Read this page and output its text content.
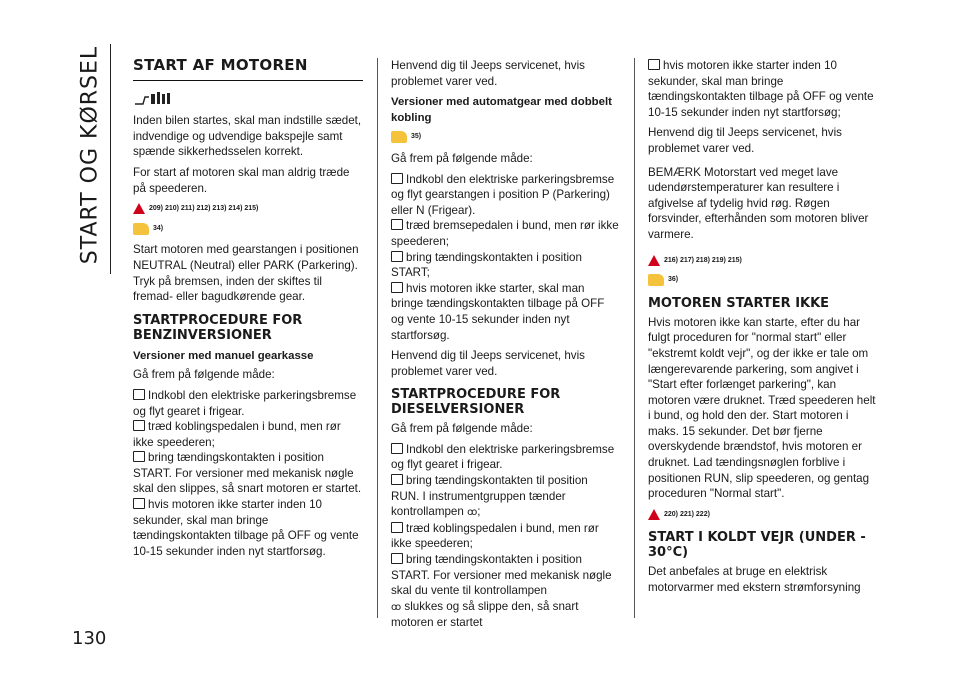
START OG KØRSEL
130
START AF MOTOREN

Inden bilen startes, skal man indstille sædet, indvendige og udvendige bakspejle samt spænde sikkerhedsselen korrekt.

For start af motoren skal man aldrig træde på speederen.

209) 210) 211) 212) 213) 214) 215)
34)

Start motoren med gearstangen i positionen NEUTRAL (Neutral) eller PARK (Parkering). Tryk på bremsen, inden der skiftes til fremad- eller bagudkørende gear.

STARTPROCEDURE FOR BENZINVERSIONER
Versioner med manuel gearkasse

Gå frem på følgende måde:

Indkobl den elektriske parkeringsbremse og flyt gearet i frigear.
træd koblingspedalen i bund, men rør ikke speederen;
bring tændingskontakten i position START. For versioner med mekanisk nøgle skal den slippes, så snart motoren er startet.
hvis motoren ikke starter inden 10 sekunder, skal man bringe tændingskontakten tilbage på OFF og vente 10-15 sekunder inden nyt startforsøg.

Henvend dig til Jeeps servicenet, hvis problemet varer ved.

Versioner med automatgear med dobbelt kobling
35)

Gå frem på følgende måde:

Indkobl den elektriske parkeringsbremse og flyt gearstangen i position P (Parkering) eller N (Frigear).
træd bremsepedalen i bund, men rør ikke speederen;
bring tændingskontakten i position START;
hvis motoren ikke starter, skal man bringe tændingskontakten tilbage på OFF og vente 10-15 sekunder inden nyt startforsøg.

Henvend dig til Jeeps servicenet, hvis problemet varer ved.

STARTPROCEDURE FOR DIESELVERSIONER

Gå frem på følgende måde:

Indkobl den elektriske parkeringsbremse og flyt gearet i frigear.
bring tændingskontakten til position RUN. I instrumentgruppen tænder kontrollampen ꝏ;
træd koblingspedalen i bund, men rør ikke speederen;
bring tændingskontakten i position START. For versioner med mekanisk nøgle skal du vente til kontrollampen
ꝏ slukkes og så slippe den, så snart motoren er startet
hvis motoren ikke starter inden 10 sekunder, skal man bringe tændingskontakten tilbage på OFF og vente 10-15 sekunder inden nyt startforsøg;

Henvend dig til Jeeps servicenet, hvis problemet varer ved.

BEMÆRK Motorstart ved meget lave udendørstemperaturer kan resultere i afgivelse af tydelig hvid røg. Røgen forsvinder, efterhånden som motoren bliver varmere.

216) 217) 218) 219) 215)
36)
MOTOREN STARTER IKKE

Hvis motoren ikke kan starte, efter du har fulgt proceduren for "normal start" eller "ekstremt koldt vejr", og der ikke er tale om længerevarende parkering, som angivet i "Start efter forlænget parkering", kan motoren være druknet. Træd speederen helt i bund, og hold den der. Start motoren i maks. 15 sekunder. Det bør fjerne overskydende brændstof, hvis motoren er druknet. Lad tændingsnøglen forblive i positionen RUN, slip speederen, og gentag proceduren "Normal start".

220) 221) 222)
START I KOLDT VEJR (UNDER - 30°C)

Det anbefales at bruge en elektrisk motorvarmer med ekstern strømforsyning
